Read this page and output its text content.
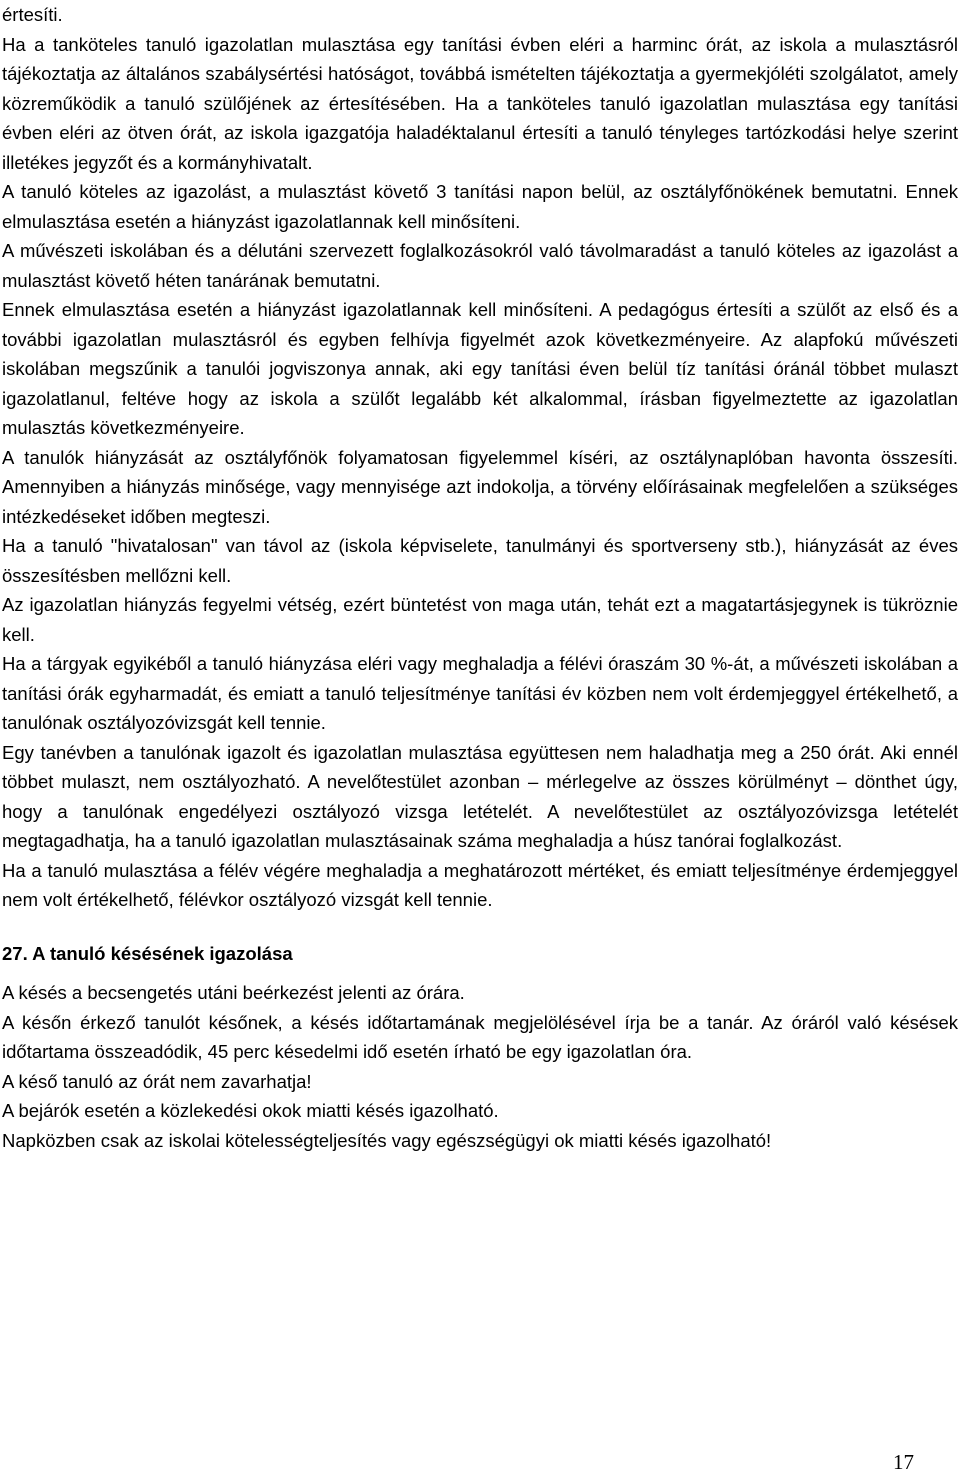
értesíti.

Ha a tanköteles tanuló igazolatlan mulasztása egy tanítási évben eléri a harminc órát, az iskola a mulasztásról tájékoztatja az általános szabálysértési hatóságot, továbbá ismételten tájékoztatja a gyermekjóléti szolgálatot, amely közreműködik a tanuló szülőjének az értesítésében. Ha a tanköteles tanuló igazolatlan mulasztása egy tanítási évben eléri az ötven órát, az iskola igazgatója haladéktalanul értesíti a tanuló tényleges tartózkodási helye szerint illetékes jegyzőt és a kormányhivatalt.

A tanuló köteles az igazolást, a mulasztást követő 3 tanítási napon belül, az osztályfőnökének bemutatni. Ennek elmulasztása esetén a hiányzást igazolatlannak kell minősíteni.

A művészeti iskolában és a délutáni szervezett foglalkozásokról való távolmaradást a tanuló köteles az igazolást a mulasztást követő héten tanárának bemutatni.

Ennek elmulasztása esetén a hiányzást igazolatlannak kell minősíteni. A pedagógus értesíti a szülőt az első és a további igazolatlan mulasztásról és egyben felhívja figyelmét azok következményeire. Az alapfokú művészeti iskolában megszűnik a tanulói jogviszonya annak, aki egy tanítási éven belül tíz tanítási óránál többet mulaszt igazolatlanul, feltéve hogy az iskola a szülőt legalább két alkalommal, írásban figyelmeztette az igazolatlan mulasztás következményeire.

A tanulók hiányzását az osztályfőnök folyamatosan figyelemmel kíséri, az osztálynaplóban havonta összesíti. Amennyiben a hiányzás minősége, vagy mennyisége azt indokolja, a törvény előírásainak megfelelően a szükséges intézkedéseket időben megteszi.

Ha a tanuló "hivatalosan" van távol az (iskola képviselete, tanulmányi és sportverseny stb.), hiányzását az éves összesítésben mellőzni kell.

Az igazolatlan hiányzás fegyelmi vétség, ezért büntetést von maga után, tehát ezt a magatartásjegynek is tükröznie kell.

Ha a tárgyak egyikéből a tanuló hiányzása eléri vagy meghaladja a félévi óraszám 30 %-át, a művészeti iskolában a tanítási órák egyharmadát, és emiatt a tanuló teljesítménye tanítási év közben nem volt érdemjeggyel értékelhető, a tanulónak osztályozóvizsgát kell tennie.

Egy tanévben a tanulónak igazolt és igazolatlan mulasztása együttesen nem haladhatja meg a 250 órát. Aki ennél többet mulaszt, nem osztályozható. A nevelőtestület azonban – mérlegelve az összes körülményt – dönthet úgy, hogy a tanulónak engedélyezi osztályozó vizsga letételét. A nevelőtestület az osztályozóvizsga letételét megtagadhatja, ha a tanuló igazolatlan mulasztásainak száma meghaladja a húsz tanórai foglalkozást.

Ha a tanuló mulasztása a félév végére meghaladja a meghatározott mértéket, és emiatt teljesítménye érdemjeggyel nem volt értékelhető, félévkor osztályozó vizsgát kell tennie.

27. A tanuló késésének igazolása

A késés a becsengetés utáni beérkezést jelenti az órára.

A későn érkező tanulót későnek, a késés időtartamának megjelölésével írja be a tanár. Az óráról való késések időtartama összeadódik, 45 perc késedelmi idő esetén írható be egy igazolatlan óra.

A késő tanuló az órát nem zavarhatja!

A bejárók esetén a közlekedési okok miatti késés igazolható.

Napközben csak az iskolai kötelességteljesítés vagy egészségügyi ok miatti késés igazolható!

17
